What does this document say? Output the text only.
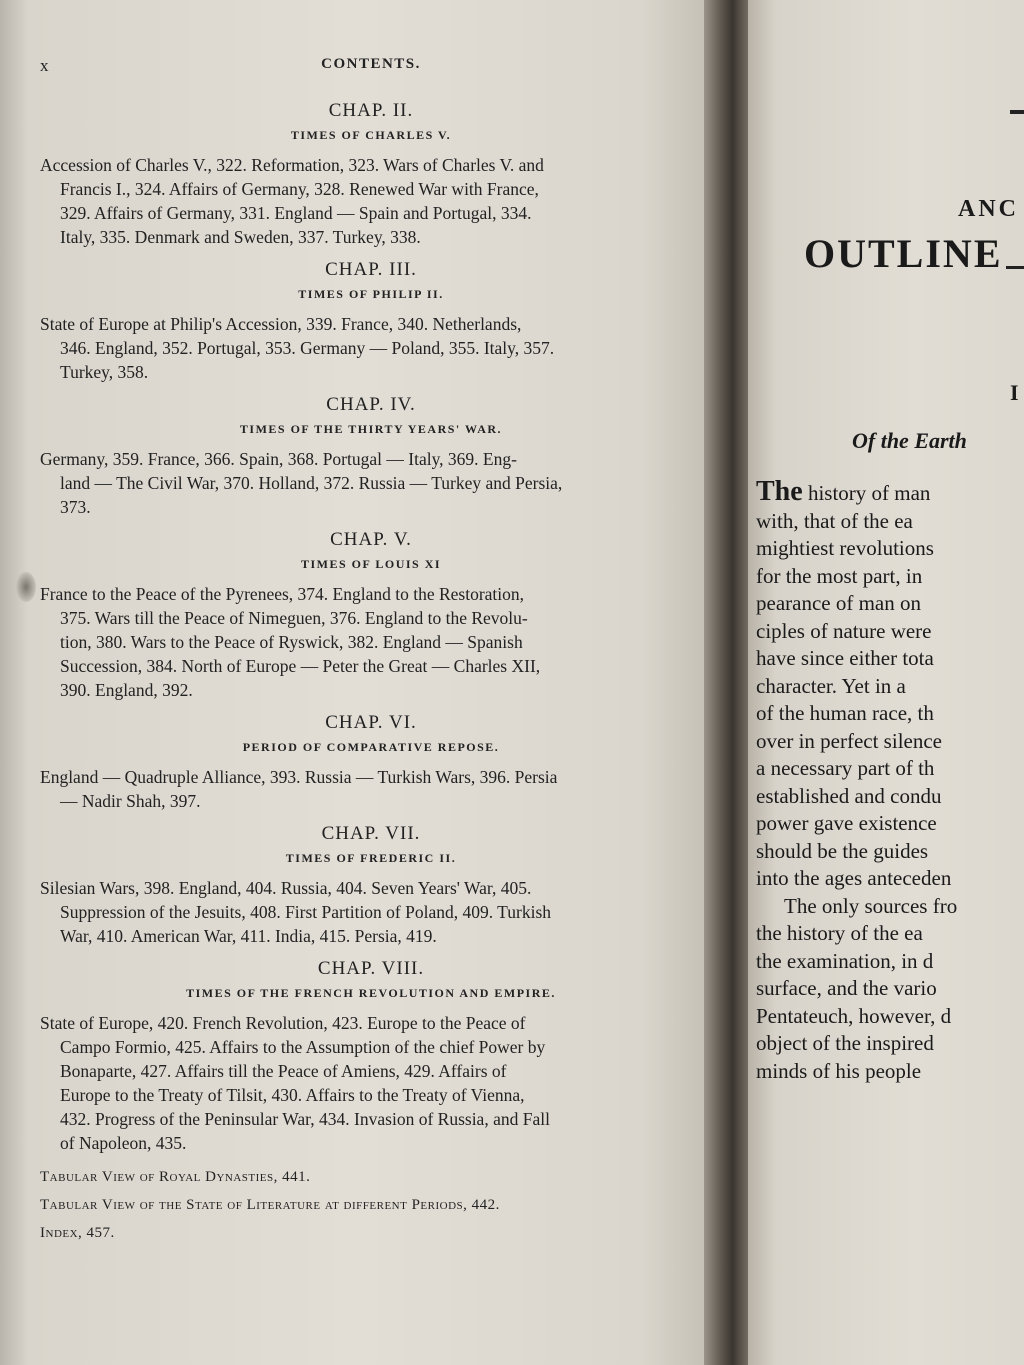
x	CONTENTS.
CHAP. II.
TIMES OF CHARLES V.
Accession of Charles V., 322. Reformation, 323. Wars of Charles V. and
Francis I., 324. Affairs of Germany, 328. Renewed War with France,
329. Affairs of Germany, 331. England — Spain and Portugal, 334.
Italy, 335. Denmark and Sweden, 337. Turkey, 338.
CHAP. III.
TIMES OF PHILIP II.
State of Europe at Philip's Accession, 339. France, 340. Netherlands,
346. England, 352. Portugal, 353. Germany — Poland, 355. Italy, 357.
Turkey, 358.
CHAP. IV.
TIMES OF THE THIRTY YEARS' WAR.
Germany, 359. France, 366. Spain, 368. Portugal — Italy, 369. Eng-
land — The Civil War, 370. Holland, 372. Russia — Turkey and Persia,
373.
CHAP. V.
TIMES OF LOUIS XI
France to the Peace of the Pyrenees, 374. England to the Restoration,
375. Wars till the Peace of Nimeguen, 376. England to the Revolu-
tion, 380. Wars to the Peace of Ryswick, 382. England — Spanish
Succession, 384. North of Europe — Peter the Great — Charles XII,
390. England, 392.
CHAP. VI.
PERIOD OF COMPARATIVE REPOSE.
England — Quadruple Alliance, 393. Russia — Turkish Wars, 396. Persia
— Nadir Shah, 397.
CHAP. VII.
TIMES OF FREDERIC II.
Silesian Wars, 398. England, 404. Russia, 404. Seven Years' War, 405.
Suppression of the Jesuits, 408. First Partition of Poland, 409. Turkish
War, 410. American War, 411. India, 415. Persia, 419.
CHAP. VIII.
TIMES OF THE FRENCH REVOLUTION AND EMPIRE.
State of Europe, 420. French Revolution, 423. Europe to the Peace of
Campo Formio, 425. Affairs to the Assumption of the chief Power by
Bonaparte, 427. Affairs till the Peace of Amiens, 429. Affairs of
Europe to the Treaty of Tilsit, 430. Affairs to the Treaty of Vienna,
432. Progress of the Peninsular War, 434. Invasion of Russia, and Fall
of Napoleon, 435.
Tabular View of Royal Dynasties, 441.
Tabular View of the State of Literature at different Periods, 442.
Index, 457.
OUTLINE
ANC
I
Of the Earth
The history of man
with, that of the ea
mightiest revolutions
for the most part, in
pearance of man on
ciples of nature were
have since either tota
character. Yet in a
of the human race, th
over in perfect silence
a necessary part of th
established and condu
power gave existence
should be the guides
into the ages anteceden
The only sources fro
the history of the ea
the examination, in d
surface, and the vario
Pentateuch, however, d
object of the inspired
minds of his people
